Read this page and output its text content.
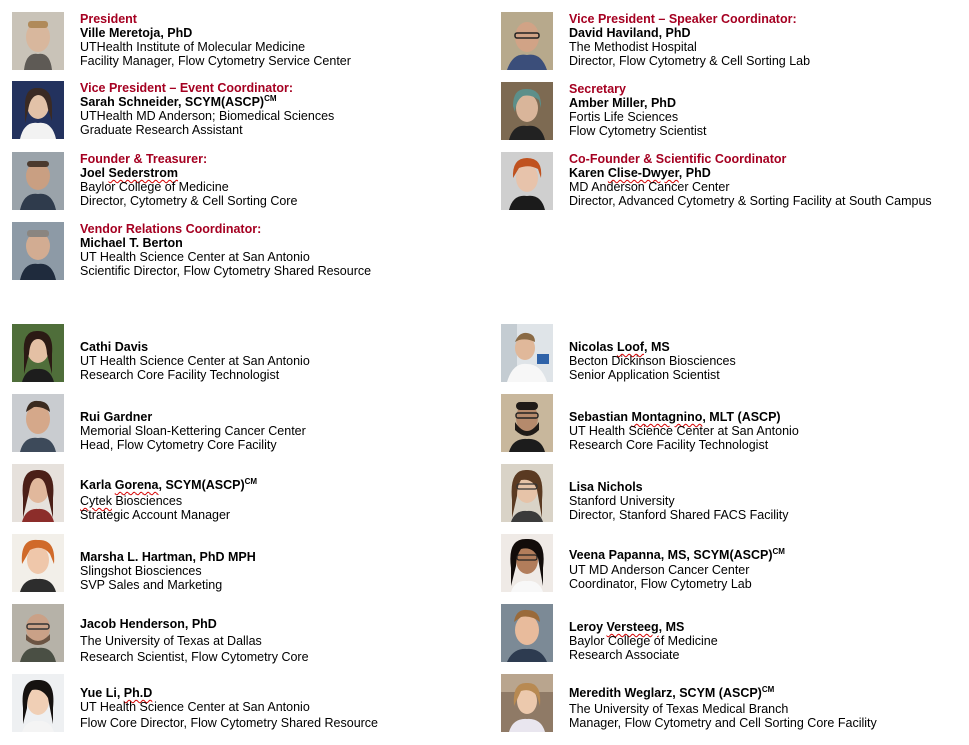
President
Ville Meretoja, PhD
UTHealth Institute of Molecular Medicine
Facility Manager, Flow Cytometry Service Center
Vice President – Event Coordinator:
Sarah Schneider, SCYM(ASCP)$^{CM}$
UTHealth MD Anderson; Biomedical Sciences
Graduate Research Assistant
Founder & Treasurer:
Joel Sederstrom
Baylor College of Medicine
Director, Cytometry & Cell Sorting Core
Vendor Relations Coordinator:
Michael T. Berton
UT Health Science Center at San Antonio
Scientific Director, Flow Cytometry Shared Resource
Vice President – Speaker Coordinator:
David Haviland, PhD
The Methodist Hospital
Director, Flow Cytometry & Cell Sorting Lab
Secretary
Amber Miller, PhD
Fortis Life Sciences
Flow Cytometry Scientist
Co-Founder & Scientific Coordinator
Karen Clise-Dwyer, PhD
MD Anderson Cancer Center
Director, Advanced Cytometry & Sorting Facility at South Campus
Cathi Davis
UT Health Science Center at San Antonio
Research Core Facility Technologist
Rui Gardner
Memorial Sloan-Kettering Cancer Center
Head, Flow Cytometry Core Facility
Karla Gorena, SCYM(ASCP)$^{CM}$
Cytek Biosciences
Strategic Account Manager
Marsha L. Hartman, PhD MPH
Slingshot Biosciences
SVP Sales and Marketing
Jacob Henderson, PhD
The University of Texas at Dallas
Research Scientist, Flow Cytometry Core
Yue Li, Ph.D
UT Health Science Center at San Antonio
Flow Core Director, Flow Cytometry Shared Resource
Nicolas Loof, MS
Becton Dickinson Biosciences
Senior Application Scientist
Sebastian Montagnino, MLT (ASCP)
UT Health Science Center at San Antonio
Research Core Facility Technologist
Lisa Nichols
Stanford University
Director, Stanford Shared FACS Facility
Veena Papanna, MS, SCYM(ASCP)$^{CM}$
UT MD Anderson Cancer Center
Coordinator, Flow Cytometry Lab
Leroy Versteeg, MS
Baylor College of Medicine
Research Associate
Meredith Weglarz, SCYM (ASCP)$^{CM}$
The University of Texas Medical Branch
Manager, Flow Cytometry and Cell Sorting Core Facility
